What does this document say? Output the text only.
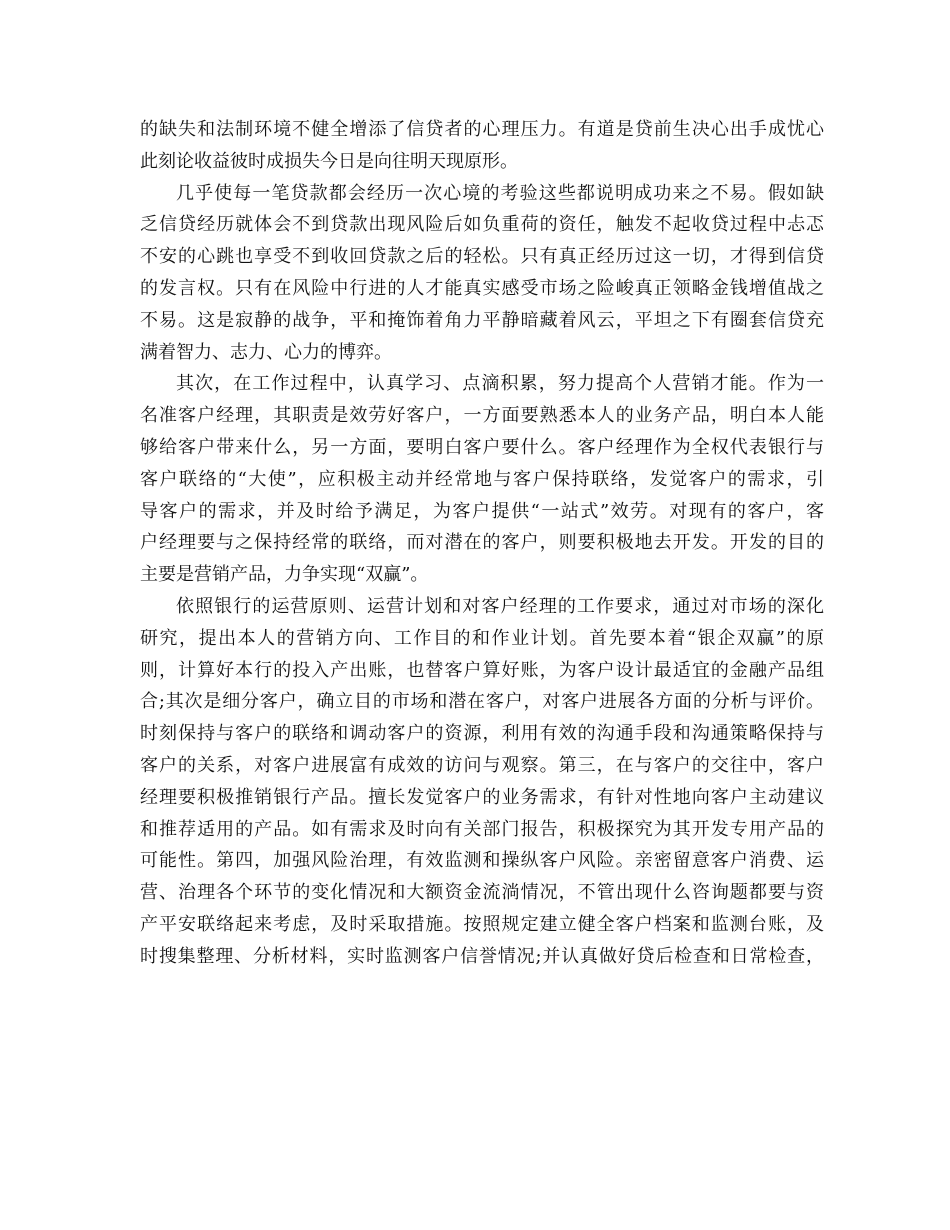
的缺失和法制环境不健全增添了信贷者的心理压力。有道是贷前生决心出手成忧心
此刻论收益彼时成损失今日是向往明天现原形。
几乎使每一笔贷款都会经历一次心境的考验这些都说明成功来之不易。假如缺
乏信贷经历就体会不到贷款出现风险后如负重荷的资任，触发不起收贷过程中忐忑
不安的心跳也享受不到收回贷款之后的轻松。只有真正经历过这一切，才得到信贷
的发言权。只有在风险中行进的人才能真实感受市场之险峻真正领略金钱增值战之
不易。这是寂静的战争，平和掩饰着角力平静暗藏着风云，平坦之下有圈套信贷充
满着智力、志力、心力的博弈。
其次，在工作过程中，认真学习、点滴积累，努力提高个人营销才能。作为一
名准客户经理，其职责是效劳好客户，一方面要熟悉本人的业务产品，明白本人能
够给客户带来什么，另一方面，要明白客户要什么。客户经理作为全权代表银行与
客户联络的“大使”，应积极主动并经常地与客户保持联络，发觉客户的需求，引
导客户的需求，并及时给予满足，为客户提供“一站式”效劳。对现有的客户，客
户经理要与之保持经常的联络，而对潜在的客户，则要积极地去开发。开发的目的
主要是营销产品，力争实现“双赢”。
依照银行的运营原则、运营计划和对客户经理的工作要求，通过对市场的深化
研究，提出本人的营销方向、工作目的和作业计划。首先要本着“银企双赢”的原
则，计算好本行的投入产出账，也替客户算好账，为客户设计最适宜的金融产品组
合;其次是细分客户，确立目的市场和潜在客户，对客户进展各方面的分析与评价。
时刻保持与客户的联络和调动客户的资源，利用有效的沟通手段和沟通策略保持与
客户的关系，对客户进展富有成效的访问与观察。第三，在与客户的交往中，客户
经理要积极推销银行产品。擅长发觉客户的业务需求，有针对性地向客户主动建议
和推荐适用的产品。如有需求及时向有关部门报告，积极探究为其开发专用产品的
可能性。第四，加强风险治理，有效监测和操纵客户风险。亲密留意客户消费、运
营、治理各个环节的变化情况和大额资金流淌情况，不管出现什么咨询题都要与资
产平安联络起来考虑，及时采取措施。按照规定建立健全客户档案和监测台账，及
时搜集整理、分析材料，实时监测客户信誉情况;并认真做好贷后检查和日常检查，
